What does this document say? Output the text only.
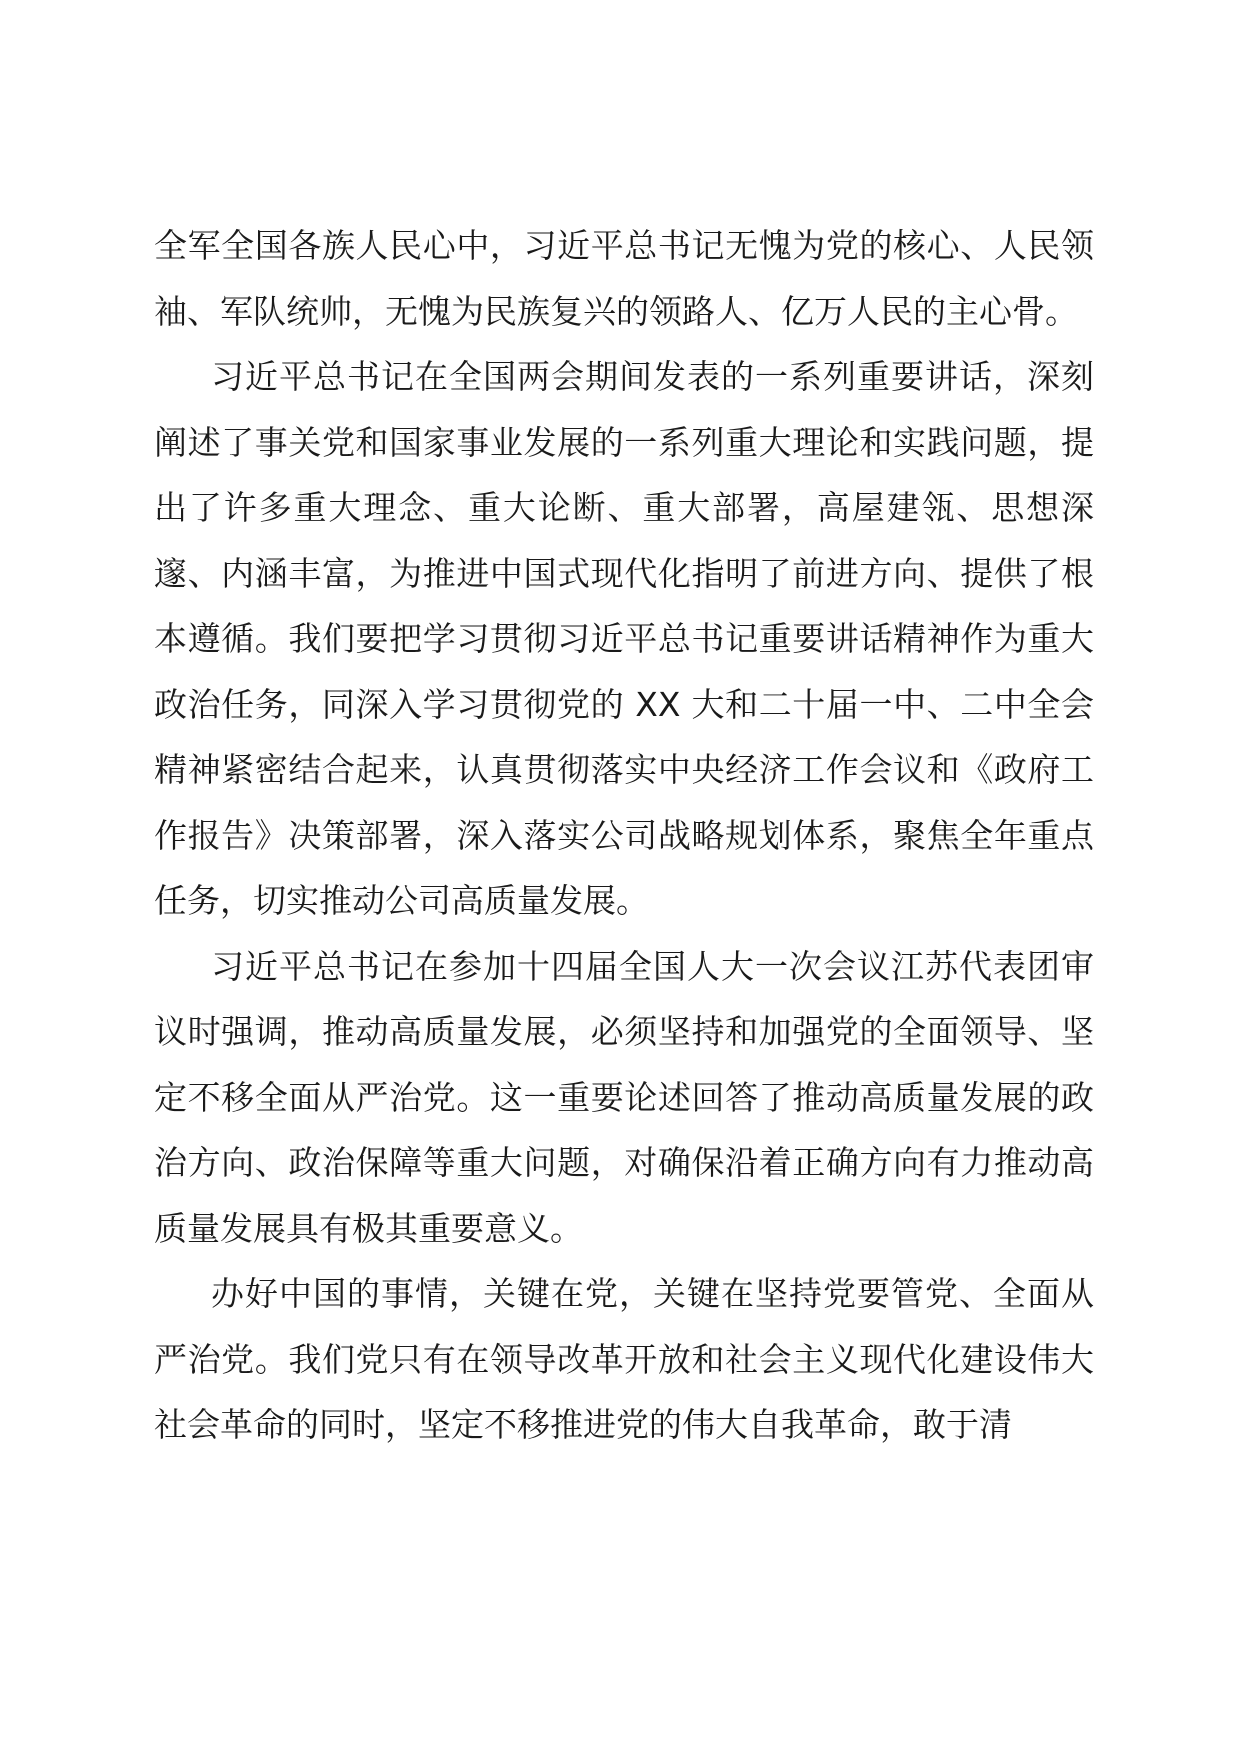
全军全国各族人民心中，习近平总书记无愧为党的核心、人民领袖、军队统帅，无愧为民族复兴的领路人、亿万人民的主心骨。

习近平总书记在全国两会期间发表的一系列重要讲话，深刻阐述了事关党和国家事业发展的一系列重大理论和实践问题，提出了许多重大理念、重大论断、重大部署，高屋建瓴、思想深邃、内涵丰富，为推进中国式现代化指明了前进方向、提供了根本遵循。我们要把学习贯彻习近平总书记重要讲话精神作为重大政治任务，同深入学习贯彻党的 XX 大和二十届一中、二中全会精神紧密结合起来，认真贯彻落实中央经济工作会议和《政府工作报告》决策部署，深入落实公司战略规划体系，聚焦全年重点任务，切实推动公司高质量发展。

习近平总书记在参加十四届全国人大一次会议江苏代表团审议时强调，推动高质量发展，必须坚持和加强党的全面领导、坚定不移全面从严治党。这一重要论述回答了推动高质量发展的政治方向、政治保障等重大问题，对确保沿着正确方向有力推动高质量发展具有极其重要意义。

办好中国的事情，关键在党，关键在坚持党要管党、全面从严治党。我们党只有在领导改革开放和社会主义现代化建设伟大社会革命的同时，坚定不移推进党的伟大自我革命，敢于清
